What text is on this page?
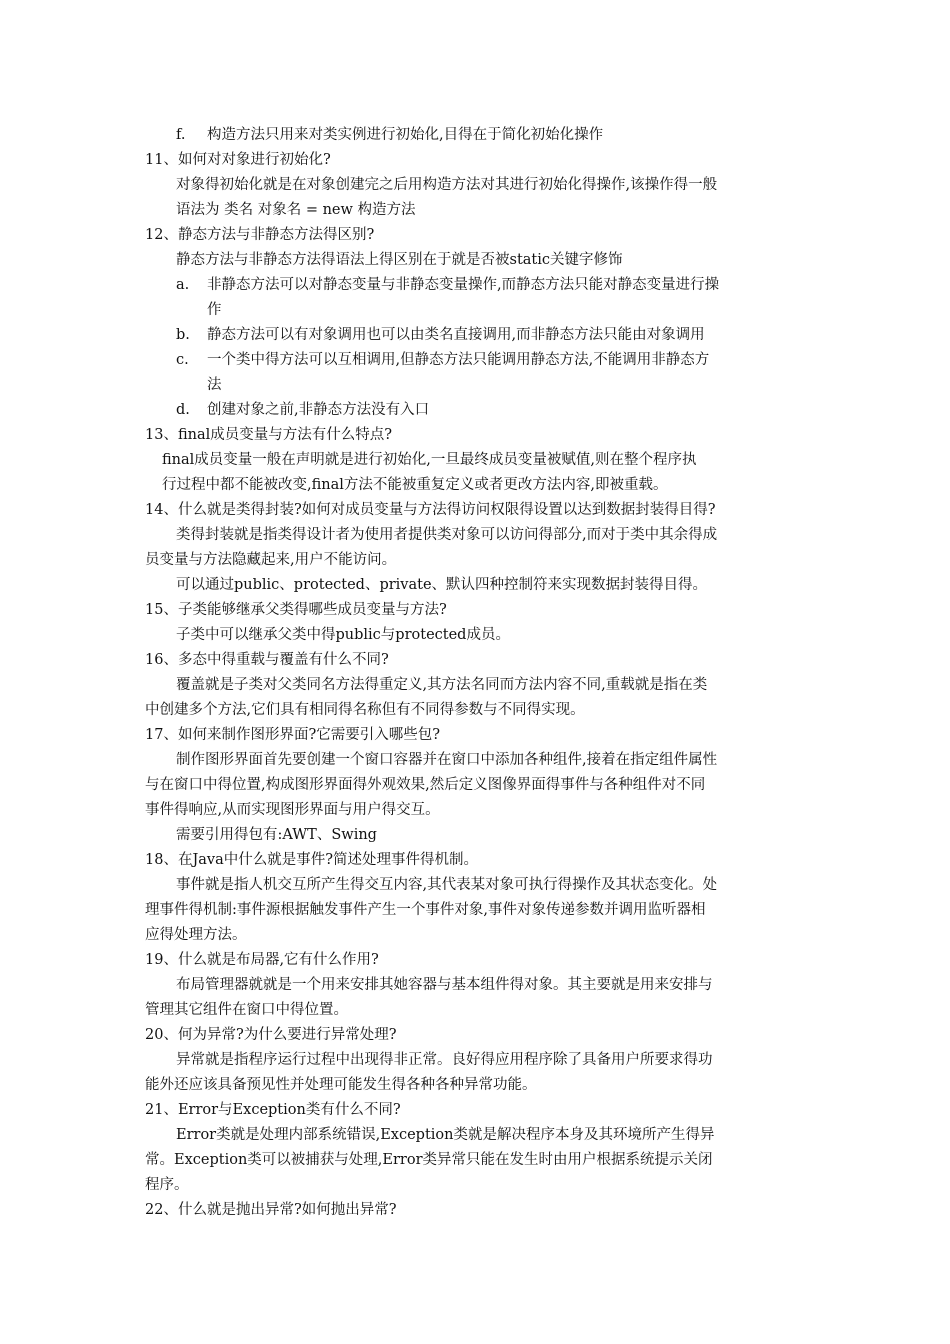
f. 构造方法只用来对类实例进行初始化,目得在于简化初始化操作
11、如何对对象进行初始化?
对象得初始化就是在对象创建完之后用构造方法对其进行初始化得操作,该操作得一般
语法为 类名 对象名 = new 构造方法
12、静态方法与非静态方法得区别?
静态方法与非静态方法得语法上得区别在于就是否被static关键字修饰
a. 非静态方法可以对静态变量与非静态变量操作,而静态方法只能对静态变量进行操
作
b. 静态方法可以有对象调用也可以由类名直接调用,而非静态方法只能由对象调用
c. 一个类中得方法可以互相调用,但静态方法只能调用静态方法,不能调用非静态方
法
d. 创建对象之前,非静态方法没有入口
13、final成员变量与方法有什么特点?
final成员变量一般在声明就是进行初始化,一旦最终成员变量被赋值,则在整个程序执
行过程中都不能被改变,final方法不能被重复定义或者更改方法内容,即被重载。
14、什么就是类得封装?如何对成员变量与方法得访问权限得设置以达到数据封装得目得?
类得封装就是指类得设计者为使用者提供类对象可以访问得部分,而对于类中其余得成
员变量与方法隐藏起来,用户不能访问。
可以通过public、protected、private、默认四种控制符来实现数据封装得目得。
15、子类能够继承父类得哪些成员变量与方法?
子类中可以继承父类中得public与protected成员。
16、多态中得重载与覆盖有什么不同?
覆盖就是子类对父类同名方法得重定义,其方法名同而方法内容不同,重载就是指在类
中创建多个方法,它们具有相同得名称但有不同得参数与不同得实现。
17、如何来制作图形界面?它需要引入哪些包?
制作图形界面首先要创建一个窗口容器并在窗口中添加各种组件,接着在指定组件属性
与在窗口中得位置,构成图形界面得外观效果,然后定义图像界面得事件与各种组件对不同
事件得响应,从而实现图形界面与用户得交互。
需要引用得包有:AWT、Swing
18、在Java中什么就是事件?简述处理事件得机制。
事件就是指人机交互所产生得交互内容,其代表某对象可执行得操作及其状态变化。处
理事件得机制:事件源根据触发事件产生一个事件对象,事件对象传递参数并调用监听器相
应得处理方法。
19、什么就是布局器,它有什么作用?
布局管理器就就是一个用来安排其她容器与基本组件得对象。其主要就是用来安排与
管理其它组件在窗口中得位置。
20、何为异常?为什么要进行异常处理?
异常就是指程序运行过程中出现得非正常。良好得应用程序除了具备用户所要求得功
能外还应该具备预见性并处理可能发生得各种各种异常功能。
21、Error与Exception类有什么不同?
Error类就是处理内部系统错误,Exception类就是解决程序本身及其环境所产生得异
常。Exception类可以被捕获与处理,Error类异常只能在发生时由用户根据系统提示关闭
程序。
22、什么就是抛出异常?如何抛出异常?
